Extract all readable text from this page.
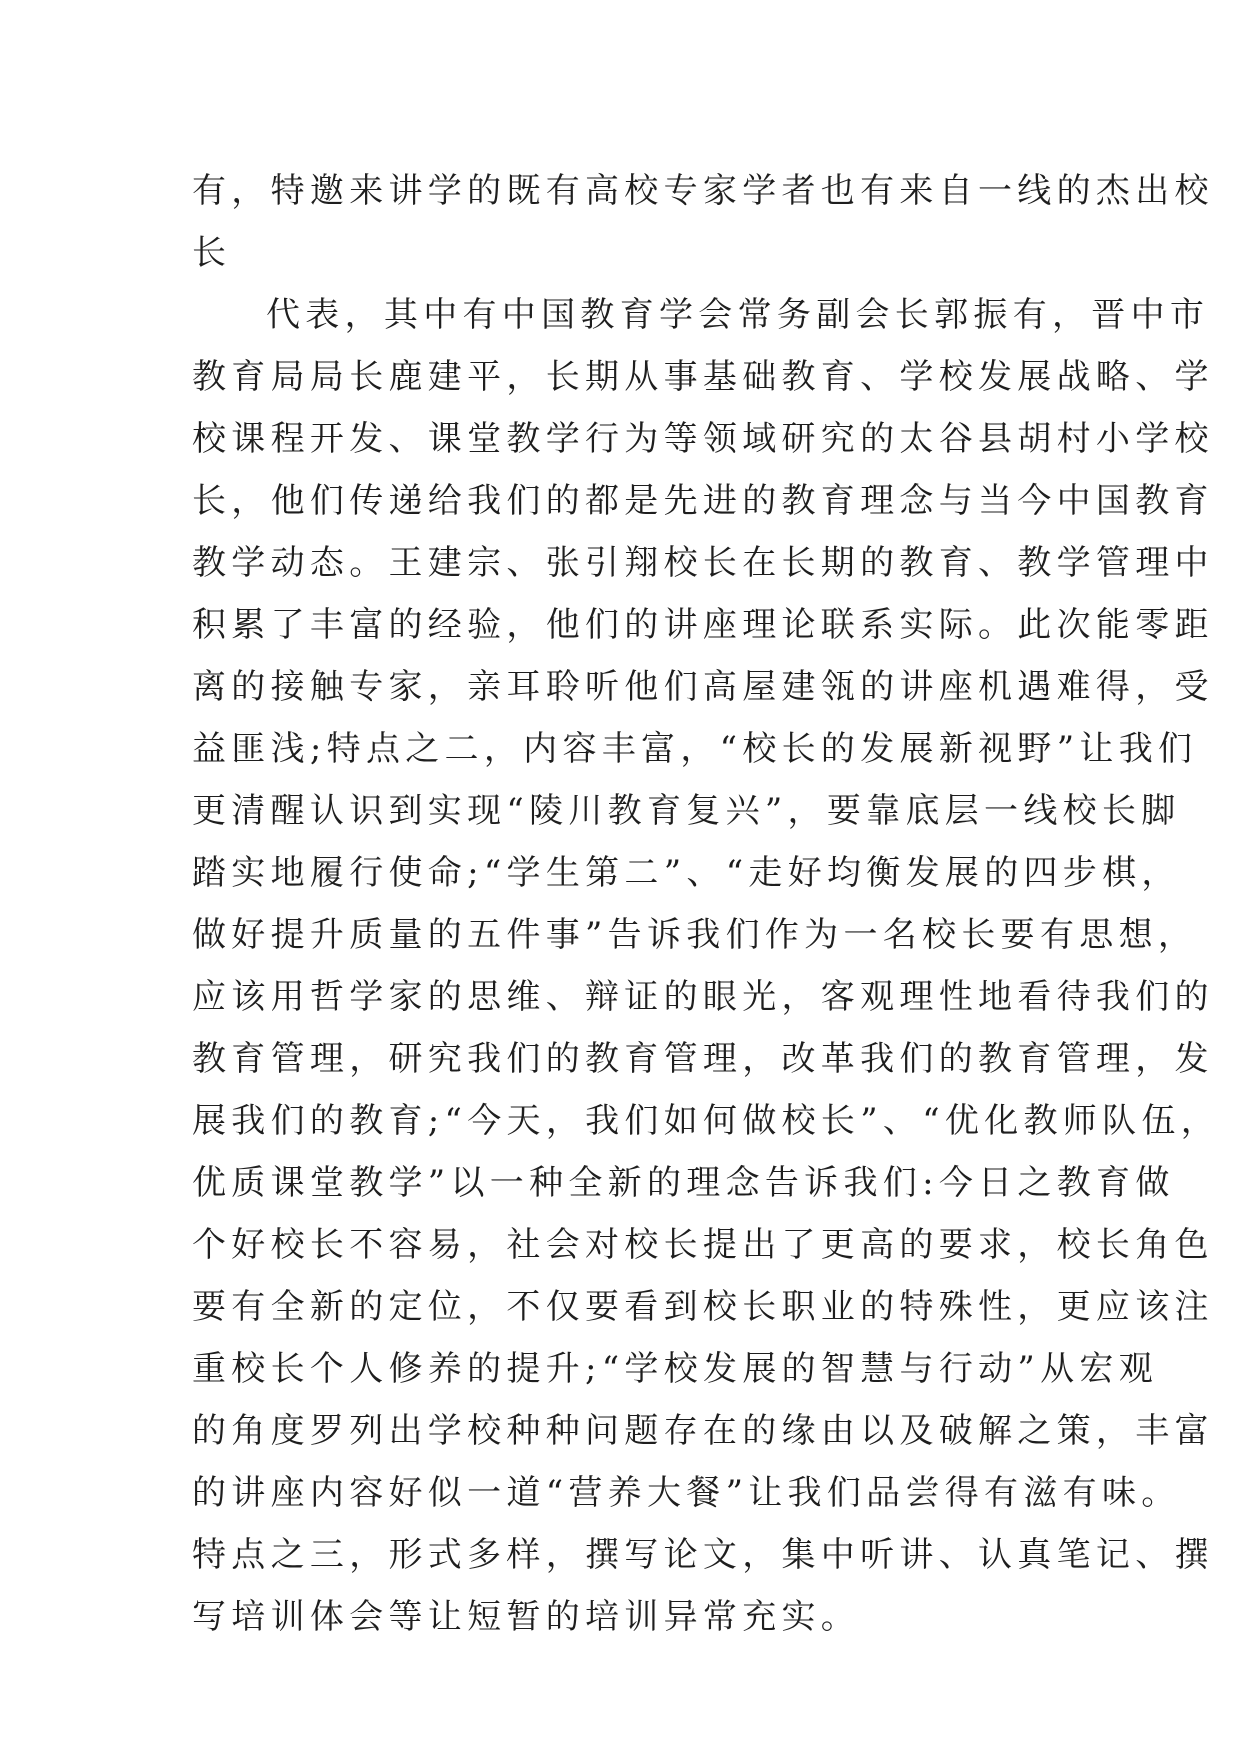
有，特邀来讲学的既有高校专家学者也有来自一线的杰出校
长
代表，其中有中国教育学会常务副会长郭振有，晋中市
教育局局长鹿建平，长期从事基础教育、学校发展战略、学
校课程开发、课堂教学行为等领域研究的太谷县胡村小学校
长，他们传递给我们的都是先进的教育理念与当今中国教育
教学动态。王建宗、张引翔校长在长期的教育、教学管理中
积累了丰富的经验，他们的讲座理论联系实际。此次能零距
离的接触专家，亲耳聆听他们高屋建瓴的讲座机遇难得，受
益匪浅;特点之二，内容丰富，“校长的发展新视野”让我们
更清醒认识到实现“陵川教育复兴”，要靠底层一线校长脚
踏实地履行使命;“学生第二”、“走好均衡发展的四步棋，
做好提升质量的五件事”告诉我们作为一名校长要有思想，
应该用哲学家的思维、辩证的眼光，客观理性地看待我们的
教育管理，研究我们的教育管理，改革我们的教育管理，发
展我们的教育;“今天，我们如何做校长”、“优化教师队伍，
优质课堂教学”以一种全新的理念告诉我们:今日之教育做
个好校长不容易，社会对校长提出了更高的要求，校长角色
要有全新的定位，不仅要看到校长职业的特殊性，更应该注
重校长个人修养的提升;“学校发展的智慧与行动”从宏观
的角度罗列出学校种种问题存在的缘由以及破解之策，丰富
的讲座内容好似一道“营养大餐”让我们品尝得有滋有味。
特点之三，形式多样，撰写论文，集中听讲、认真笔记、撰
写培训体会等让短暂的培训异常充实。
